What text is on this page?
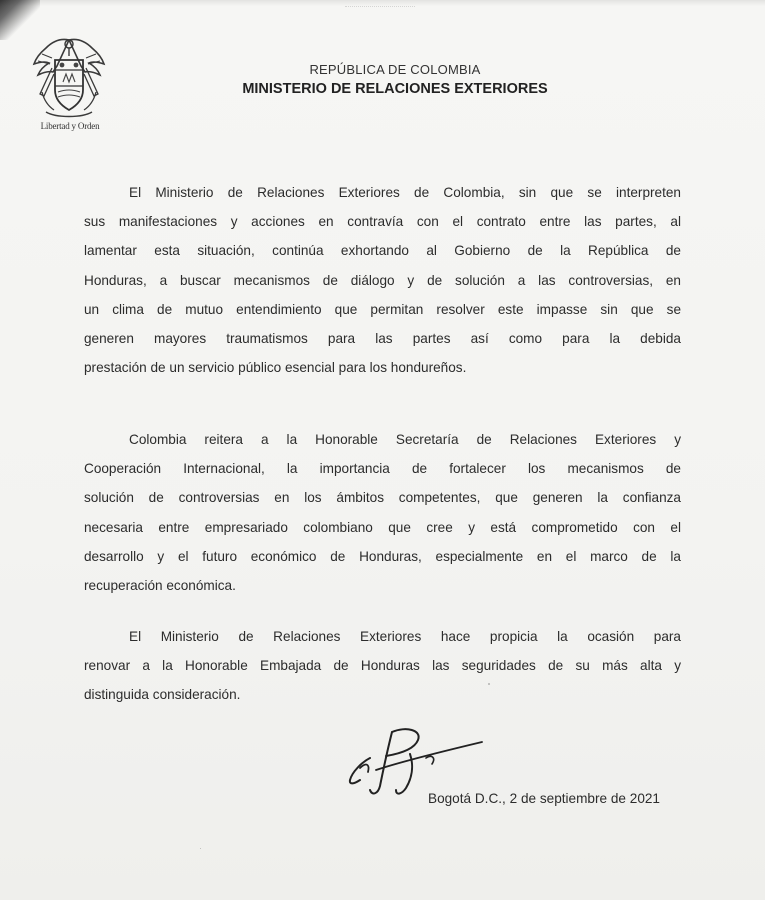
Libertad y Orden
REPÚBLICA DE COLOMBIA
MINISTERIO DE RELACIONES EXTERIORES
El Ministerio de Relaciones Exteriores de Colombia, sin que se interpreten
sus manifestaciones y acciones en contravía con el contrato entre las partes, al
lamentar esta situación, continúa exhortando al Gobierno de la República de
Honduras, a buscar mecanismos de diálogo y de solución a las controversias, en
un clima de mutuo entendimiento que permitan resolver este impasse sin que se
generen mayores traumatismos para las partes así como para la debida
prestación de un servicio público esencial para los hondureños.
Colombia reitera a la Honorable Secretaría de Relaciones Exteriores y
Cooperación Internacional, la importancia de fortalecer los mecanismos de
solución de controversias en los ámbitos competentes, que generen la confianza
necesaria entre empresariado colombiano que cree y está comprometido con el
desarrollo y el futuro económico de Honduras, especialmente en el marco de la
recuperación económica.
El Ministerio de Relaciones Exteriores hace propicia la ocasión para
renovar a la Honorable Embajada de Honduras las seguridades de su más alta y
distinguida consideración.
Bogotá D.C., 2 de septiembre de 2021
